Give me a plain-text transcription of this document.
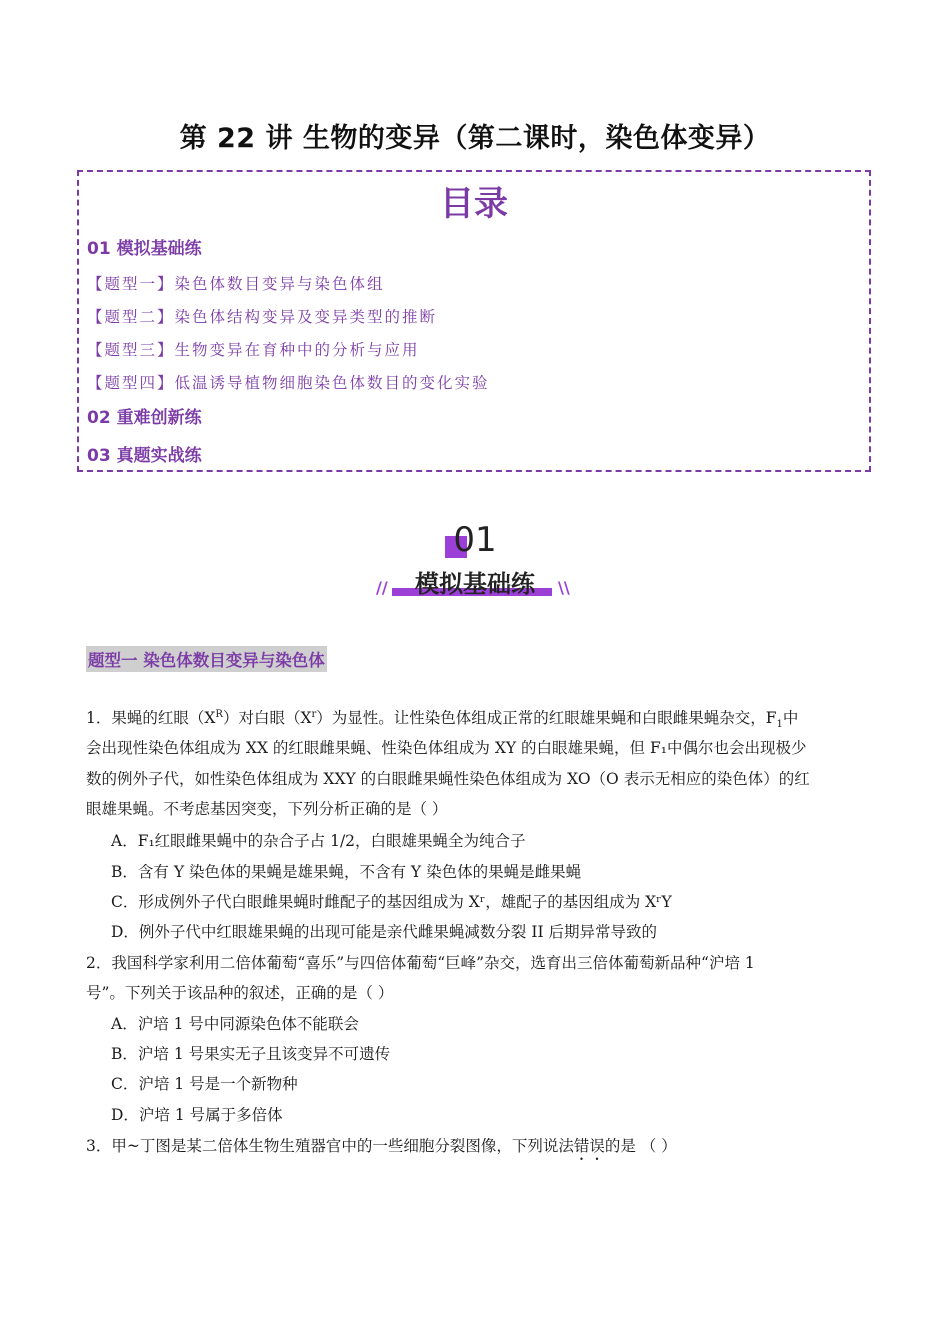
第 22 讲 生物的变异（第二课时，染色体变异）
目录
01 模拟基础练
【题型一】染色体数目变异与染色体组
【题型二】染色体结构变异及变异类型的推断
【题型三】生物变异在育种中的分析与应用
【题型四】低温诱导植物细胞染色体数目的变化实验
02 重难创新练
03 真题实战练
01
模拟基础练
//	\\
题型一 染色体数目变异与染色体
1．果蝇的红眼$(X^R)$对白眼$(X^r)$为显性。让性染色体组成正常的红眼雄果蝇和白眼雌果蝇杂交，$F_1$中
会出现性染色体组成为 XX 的红眼雌果蝇、性染色体组成为 XY 的白眼雄果蝇，但 F₁中偶尔也会出现极少
数的例外子代，如性染色体组成为 XXY 的白眼雌果蝇性染色体组成为 XO（O 表示无相应的染色体）的红
眼雄果蝇。不考虑基因突变，下列分析正确的是（ ）
A．F₁红眼雌果蝇中的杂合子占 1/2，白眼雄果蝇全为纯合子
B．含有 Y 染色体的果蝇是雄果蝇，不含有 Y 染色体的果蝇是雌果蝇
C．形成例外子代白眼雌果蝇时雌配子的基因组成为 Xʳ，雄配子的基因组成为 XʳY
D．例外子代中红眼雄果蝇的出现可能是亲代雌果蝇减数分裂 II 后期异常导致的
2．我国科学家利用二倍体葡萄“喜乐”与四倍体葡萄“巨峰”杂交，选育出三倍体葡萄新品种“沪培 1
号”。下列关于该品种的叙述，正确的是（ ）
A．沪培 1 号中同源染色体不能联会
B．沪培 1 号果实无子且该变异不可遗传
C．沪培 1 号是一个新物种
D．沪培 1 号属于多倍体
3．甲~丁图是某二倍体生物生殖器官中的一些细胞分裂图像，下列说法错误的是 （ ）
